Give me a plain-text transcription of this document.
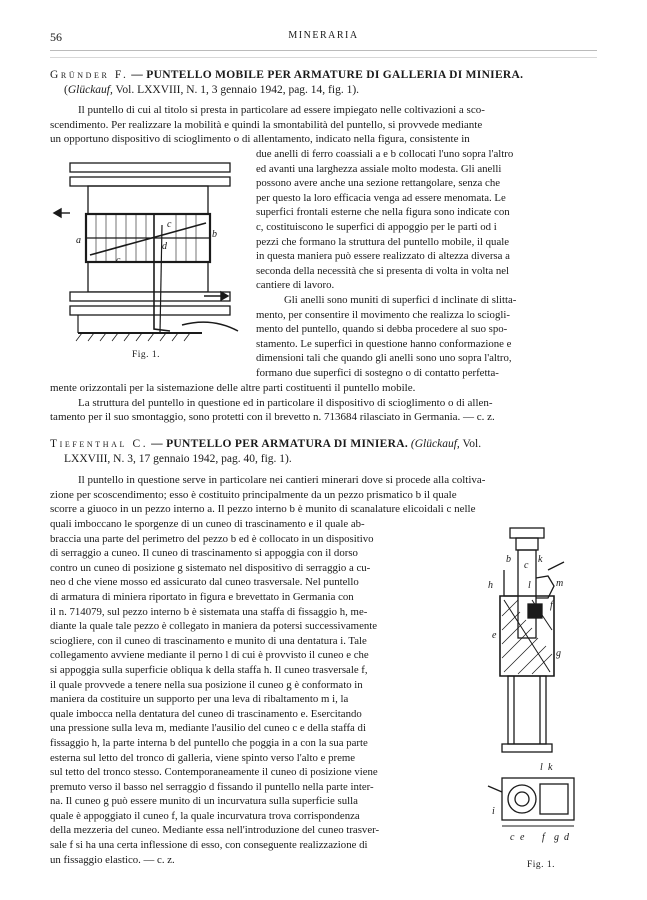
56	MINERARIA
Gründer F. — PUNTELLO MOBILE PER ARMATURE DI GALLERIA DI MINIERA.
(Glückauf, Vol. LXXVIII, N. 1, 3 gennaio 1942, pag. 14, fig. 1).
Il puntello di cui al titolo si presta in particolare ad essere impiegato nelle coltivazioni a sco-
scendimento. Per realizzare la mobilità e quindi la smontabilità del puntello, si provvede mediante
un opportuno dispositivo di scioglimento o di allentamento, indicato nella figura, consistente in
due anelli di ferro coassiali a e b collocati l'uno sopra l'altro
ed avanti una larghezza assiale molto modesta. Gli anelli
possono avere anche una sezione rettangolare, senza che
per questo la loro efficacia venga ad essere menomata. Le
superfici frontali esterne che nella figura sono indicate con
c, costituiscono le superfici di appoggio per le parti od i
pezzi che formano la struttura del puntello mobile, il quale
in questa maniera può essere realizzato di altezza diversa a
seconda della necessità che si presenta di volta in volta nel
cantiere di lavoro.
Gli anelli sono muniti di superfici d inclinate di slitta-
mento, per consentire il movimento che realizza lo sciogli-
mento del puntello, quando si debba procedere al suo spo-
stamento. Le superfici in questione hanno conformazione e
dimensioni tali che quando gli anelli sono uno sopra l'altro,
formano due superfici di sostegno o di contatto perfetta-
mente orizzontali per la sistemazione delle altre parti costituenti il puntello mobile.
La struttura del puntello in questione ed in particolare il dispositivo di scioglimento o di allen-
tamento per il suo smontaggio, sono protetti con il brevetto n. 713684 rilasciato in Germania. — c. z.
a
b
c
c
d
Fig. 1.
Tiefenthal C. — PUNTELLO PER ARMATURA DI MINIERA. (Glückauf, Vol.
LXXVIII, N. 3, 17 gennaio 1942, pag. 40, fig. 1).
Il puntello in questione serve in particolare nei cantieri minerari dove si procede alla coltiva-
zione per scoscendimento; esso è costituito principalmente da un pezzo prismatico b il quale
scorre a giuoco in un pezzo interno a. Il pezzo interno b è munito di scanalature elicoidali c nelle
quali imboccano le sporgenze di un cuneo di trascinamento e il quale ab-
braccia una parte del perimetro del pezzo b ed è collocato in un dispositivo
di serraggio a cuneo. Il cuneo di trascinamento si appoggia con il dorso
contro un cuneo di posizione g sistemato nel dispositivo di serraggio a cu-
neo d che viene mosso ed assicurato dal cuneo trasversale. Nel puntello
di armatura di miniera riportato in figura e brevettato in Germania con
il n. 714079, sul pezzo interno b è sistemata una staffa di fissaggio h, me-
diante la quale tale pezzo è collegato in maniera da potersi successivamente
sciogliere, con il cuneo di trascinamento e munito di una dentatura i. Tale
collegamento avviene mediante il perno l di cui è provvisto il cuneo e che
si appoggia sulla superficie obliqua k della staffa h. Il cuneo trasversale f,
il quale provvede a tenere nella sua posizione il cuneo g è conformato in
maniera da costituire un supporto per una leva di ribaltamento m i, la
quale imbocca nella dentatura del cuneo di trascinamento e. Esercitando
una pressione sulla leva m, mediante l'ausilio del cuneo c e della staffa di
fissaggio h, la parte interna b del puntello che poggia in a con la sua parte
esterna sul letto del tronco di galleria, viene spinto verso l'alto e preme
sul tetto del tronco stesso. Contemporaneamente il cuneo di posizione viene
premuto verso il basso nel serraggio d fissando il puntello nella parte inter-
na. Il cuneo g può essere munito di un incurvatura sulla superficie sulla
quale è appoggiato il cuneo f, la quale incurvatura trova corrispondenza
della mezzeria del cuneo. Mediante essa nell'introduzione del cuneo trasver-
sale f si ha una certa inflessione di esso, con conseguente realizzazione di
un fissaggio elastico. — c. z.
h
b
c
l
k
m
f
e
g
k
l
i
c e f g d
Fig. 1.
